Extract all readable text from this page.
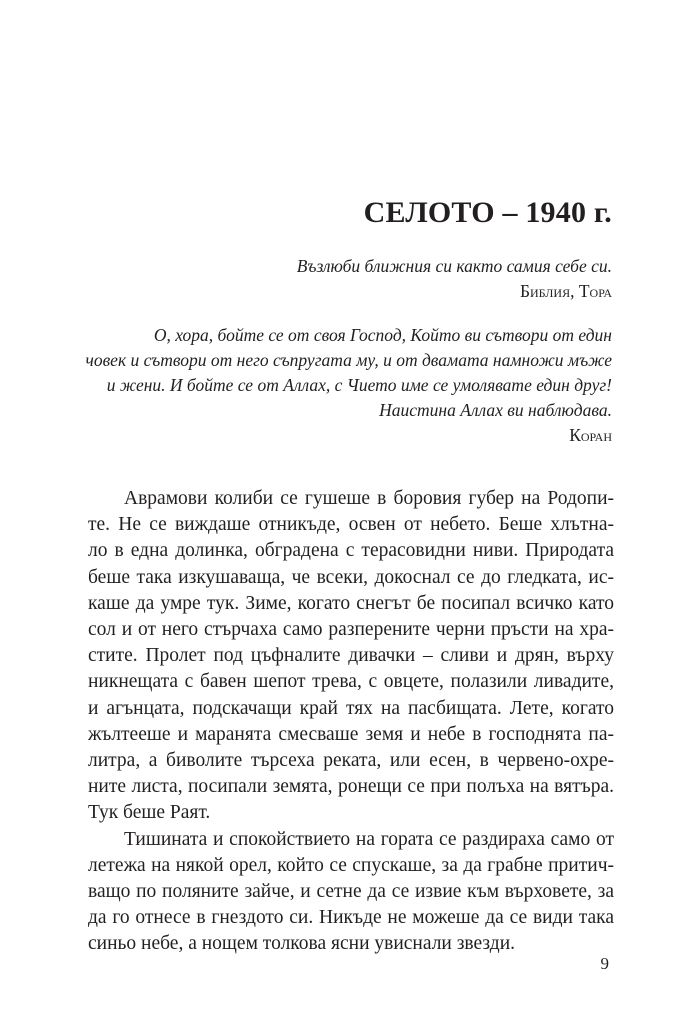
СЕЛОТО – 1940 г.
Възлюби ближния си както самия себе си.
Библия, Тора
О, хора, бойте се от своя Господ, Който ви сътвори от един
човек и сътвори от него съпругата му, и от двамата намножи мъже
и жени. И бойте се от Аллах, с Чието име се умолявате един друг!
Наистина Аллах ви наблюдава.
Коран

Аврамови колиби се гушеше в боровия губер на Родопи-
те. Не се виждаше отникъде, освен от небето. Беше хлътна-
ло в една долинка, обградена с терасовидни ниви. Природата
беше така изкушаваща, че всеки, докоснал се до гледката, ис-
каше да умре тук. Зиме, когато снегът бе посипал всичко като
сол и от него стърчаха само разперените черни пръсти на хра-
стите. Пролет под цъфналите дивачки – сливи и дрян, върху
никнещата с бавен шепот трева, с овцете, полазили ливадите,
и агънцата, подскачащи край тях на пасбищата. Лете, когато
жълтееше и маранята смесваше земя и небе в господнята па-
литра, а биволите търсеха реката, или есен, в червено-охре-
ните листа, посипали земята, ронещи се при полъха на вятъра.
Тук беше Раят.

Тишината и спокойствието на гората се раздираха само от
летежа на някой орел, който се спускаше, за да грабне притич-
ващо по поляните зайче, и сетне да се извие към върховете, за
да го отнесе в гнездото си. Никъде не можеше да се види така
синьо небе, а нощем толкова ясни увиснали звезди.

9
